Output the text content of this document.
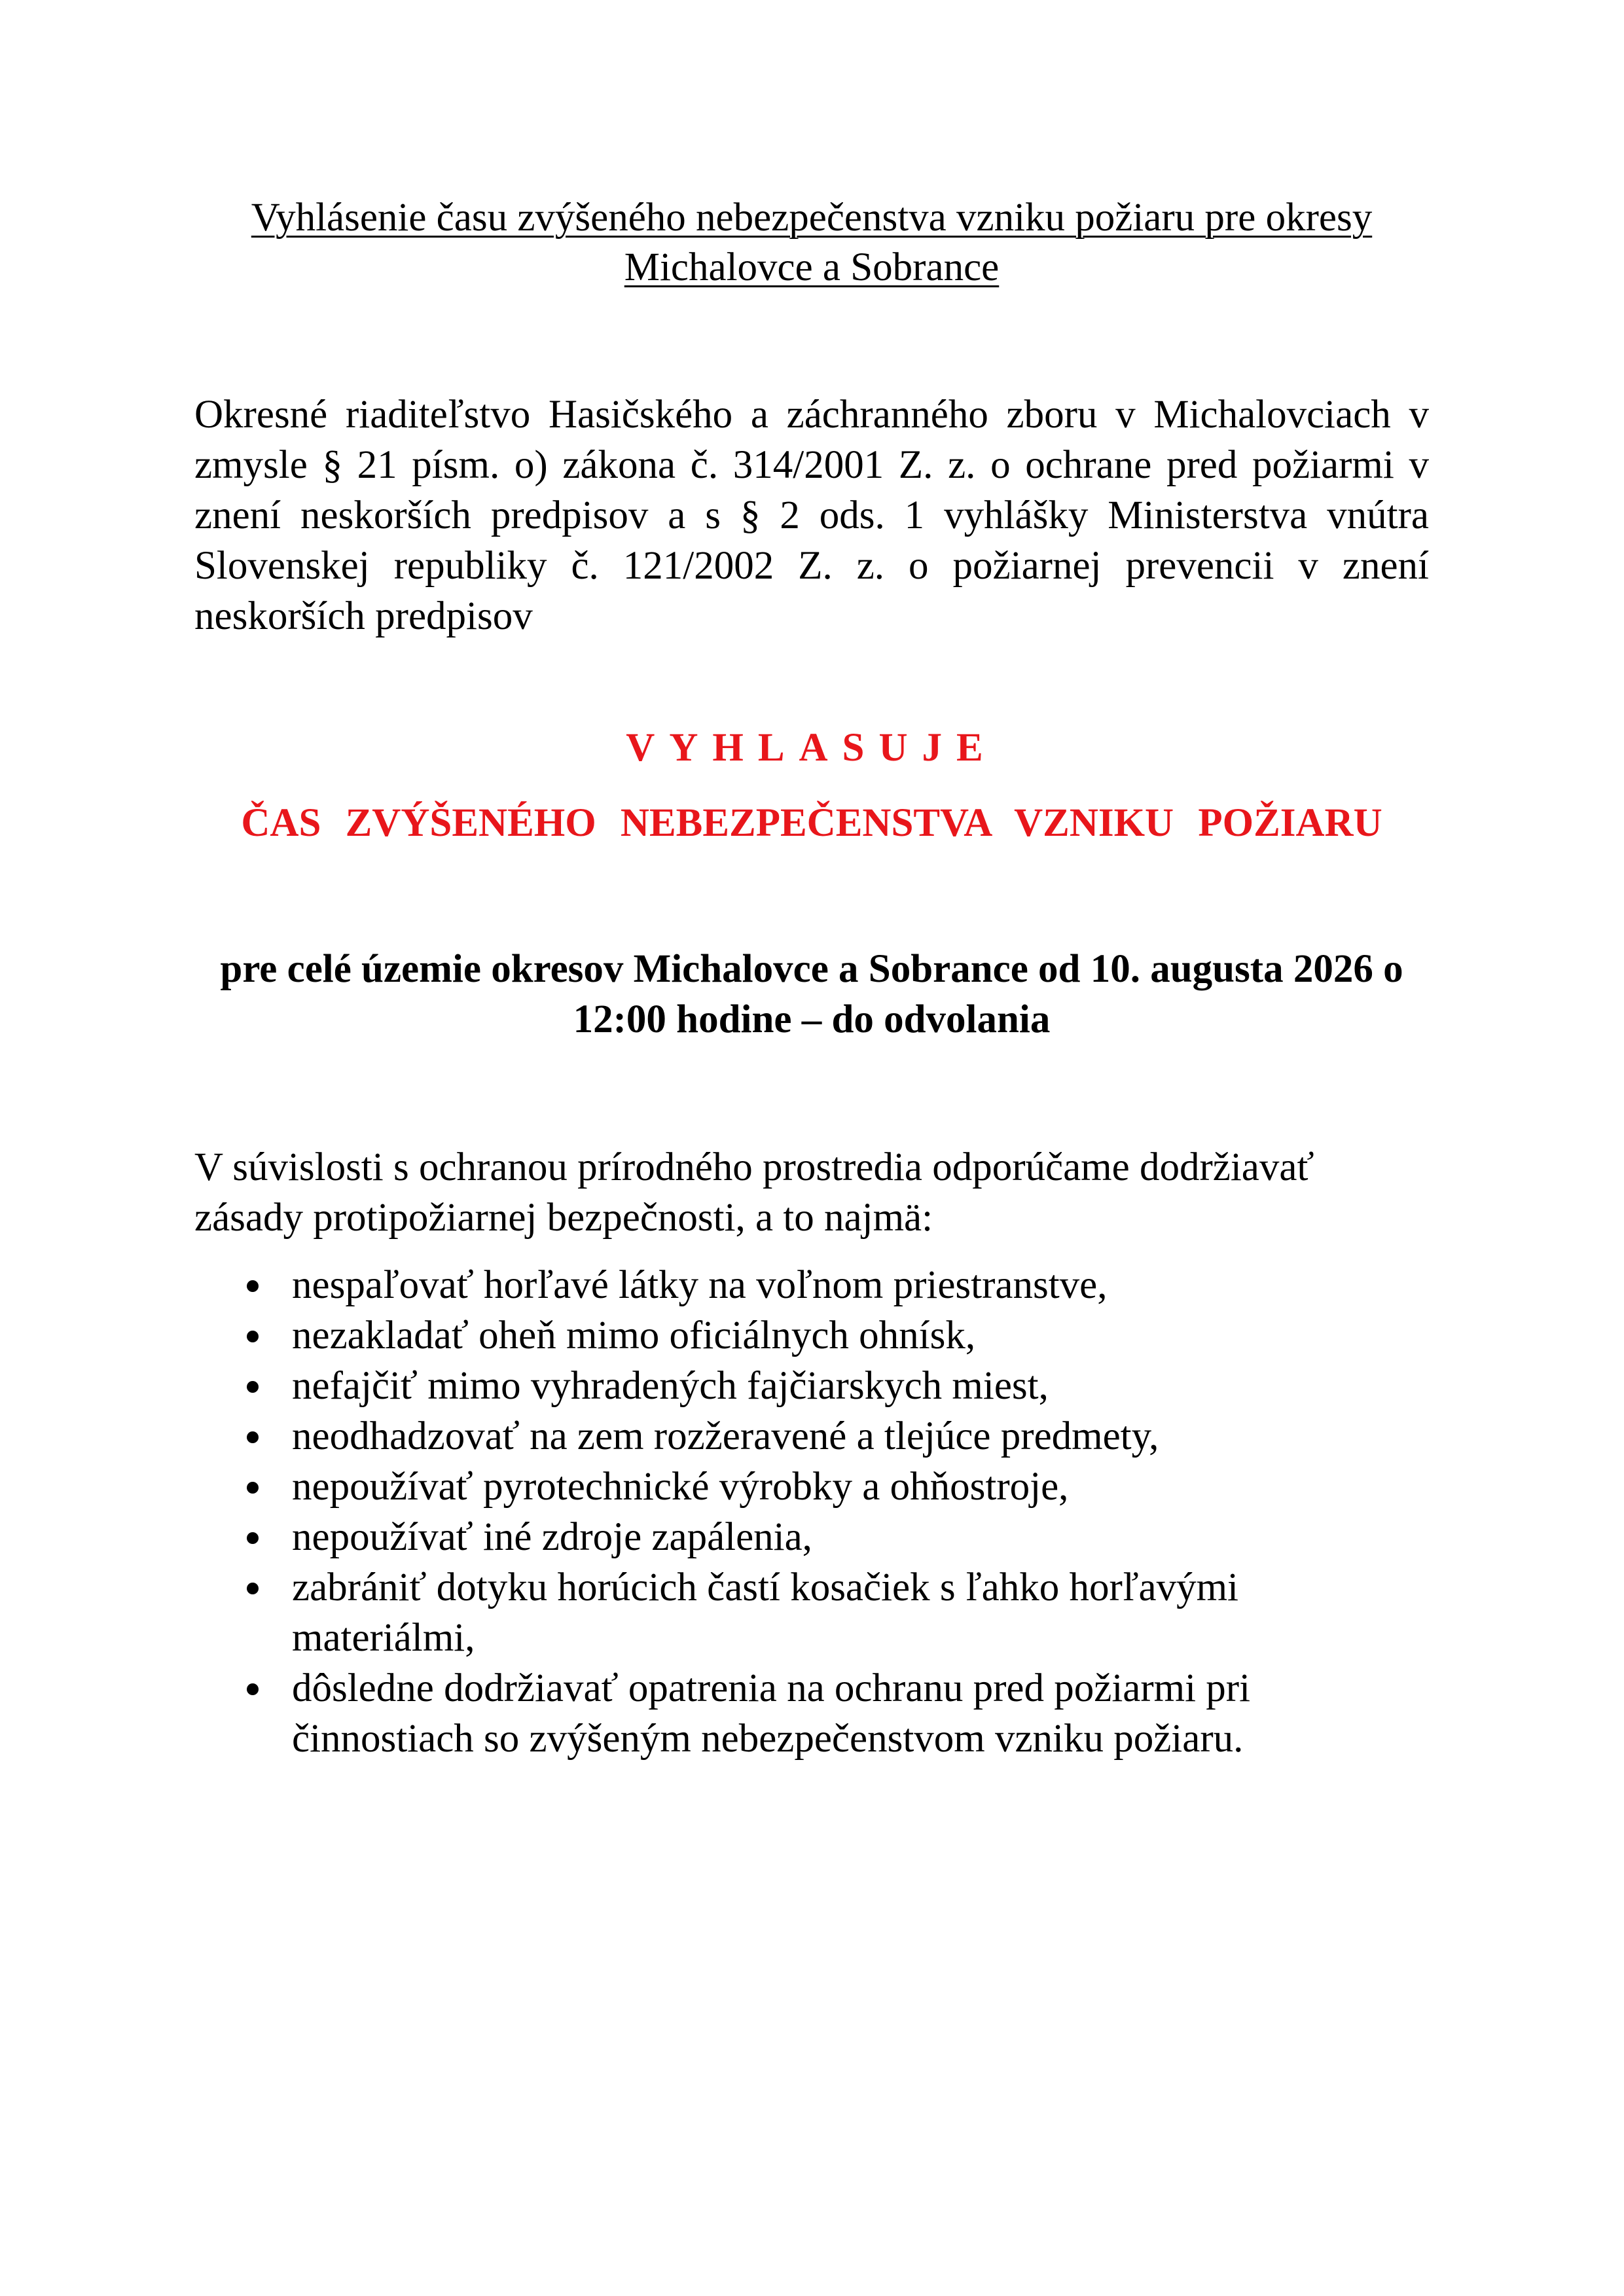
Vyhlásenie času zvýšeného nebezpečenstva vzniku požiaru pre okresy Michalovce a Sobrance

Okresné riaditeľstvo Hasičského a záchranného zboru v Michalovciach v zmysle § 21 písm. o) zákona č. 314/2001 Z. z. o ochrane pred požiarmi v znení neskorších predpisov a s § 2 ods. 1 vyhlášky Ministerstva vnútra Slovenskej republiky č. 121/2002 Z. z. o požiarnej prevencii v znení neskorších predpisov

VYHLASUJE

ČAS ZVÝŠENÉHO NEBEZPEČENSTVA VZNIKU POŽIARU

pre celé územie okresov Michalovce a Sobrance od 10. augusta 2026 o 12:00 hodine – do odvolania

V súvislosti s ochranou prírodného prostredia odporúčame dodržiavať zásady protipožiarnej bezpečnosti, a to najmä:

nespaľovať horľavé látky na voľnom priestranstve,
nezakladať oheň mimo oficiálnych ohnísk,
nefajčiť mimo vyhradených fajčiarskych miest,
neodhadzovať na zem rozžeravené a tlejúce predmety,
nepoužívať pyrotechnické výrobky a ohňostroje,
nepoužívať iné zdroje zapálenia,
zabrániť dotyku horúcich častí kosačiek s ľahko horľavými materiálmi,
dôsledne dodržiavať opatrenia na ochranu pred požiarmi pri činnostiach so zvýšeným nebezpečenstvom vzniku požiaru.
